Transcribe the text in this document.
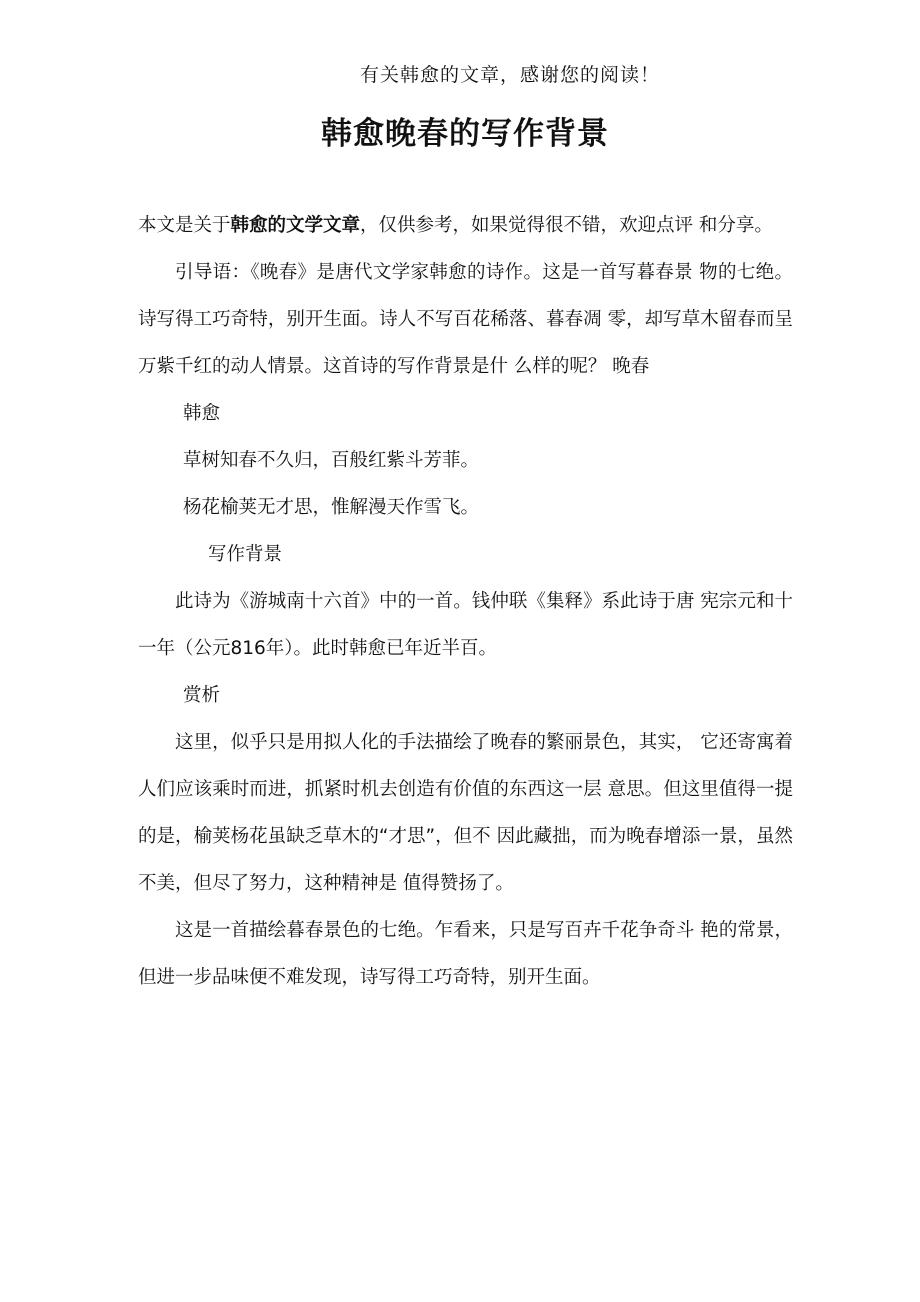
有关韩愈的文章，感谢您的阅读！
韩愈晚春的写作背景

本文是关于韩愈的文学文章，仅供参考，如果觉得很不错，欢迎点评 和分享。

引导语：《晚春》是唐代文学家韩愈的诗作。这是一首写暮春景 物的七绝。诗写得工巧奇特，别开生面。诗人不写百花稀落、暮春凋 零，却写草木留春而呈万紫千红的动人情景。这首诗的写作背景是什 么样的呢？ 晚春

韩愈

草树知春不久归，百般红紫斗芳菲。

杨花榆荚无才思，惟解漫天作雪飞。

写作背景

此诗为《游城南十六首》中的一首。钱仲联《集释》系此诗于唐 宪宗元和十一年（公元816年）。此时韩愈已年近半百。

赏析

这里，似乎只是用拟人化的手法描绘了晚春的繁丽景色，其实， 它还寄寓着人们应该乘时而进，抓紧时机去创造有价值的东西这一层 意思。但这里值得一提的是，榆荚杨花虽缺乏草木的“才思”，但不 因此藏拙，而为晚春增添一景，虽然不美，但尽了努力，这种精神是 值得赞扬了。

这是一首描绘暮春景色的七绝。乍看来，只是写百卉千花争奇斗 艳的常景，但进一步品味便不难发现，诗写得工巧奇特，别开生面。
